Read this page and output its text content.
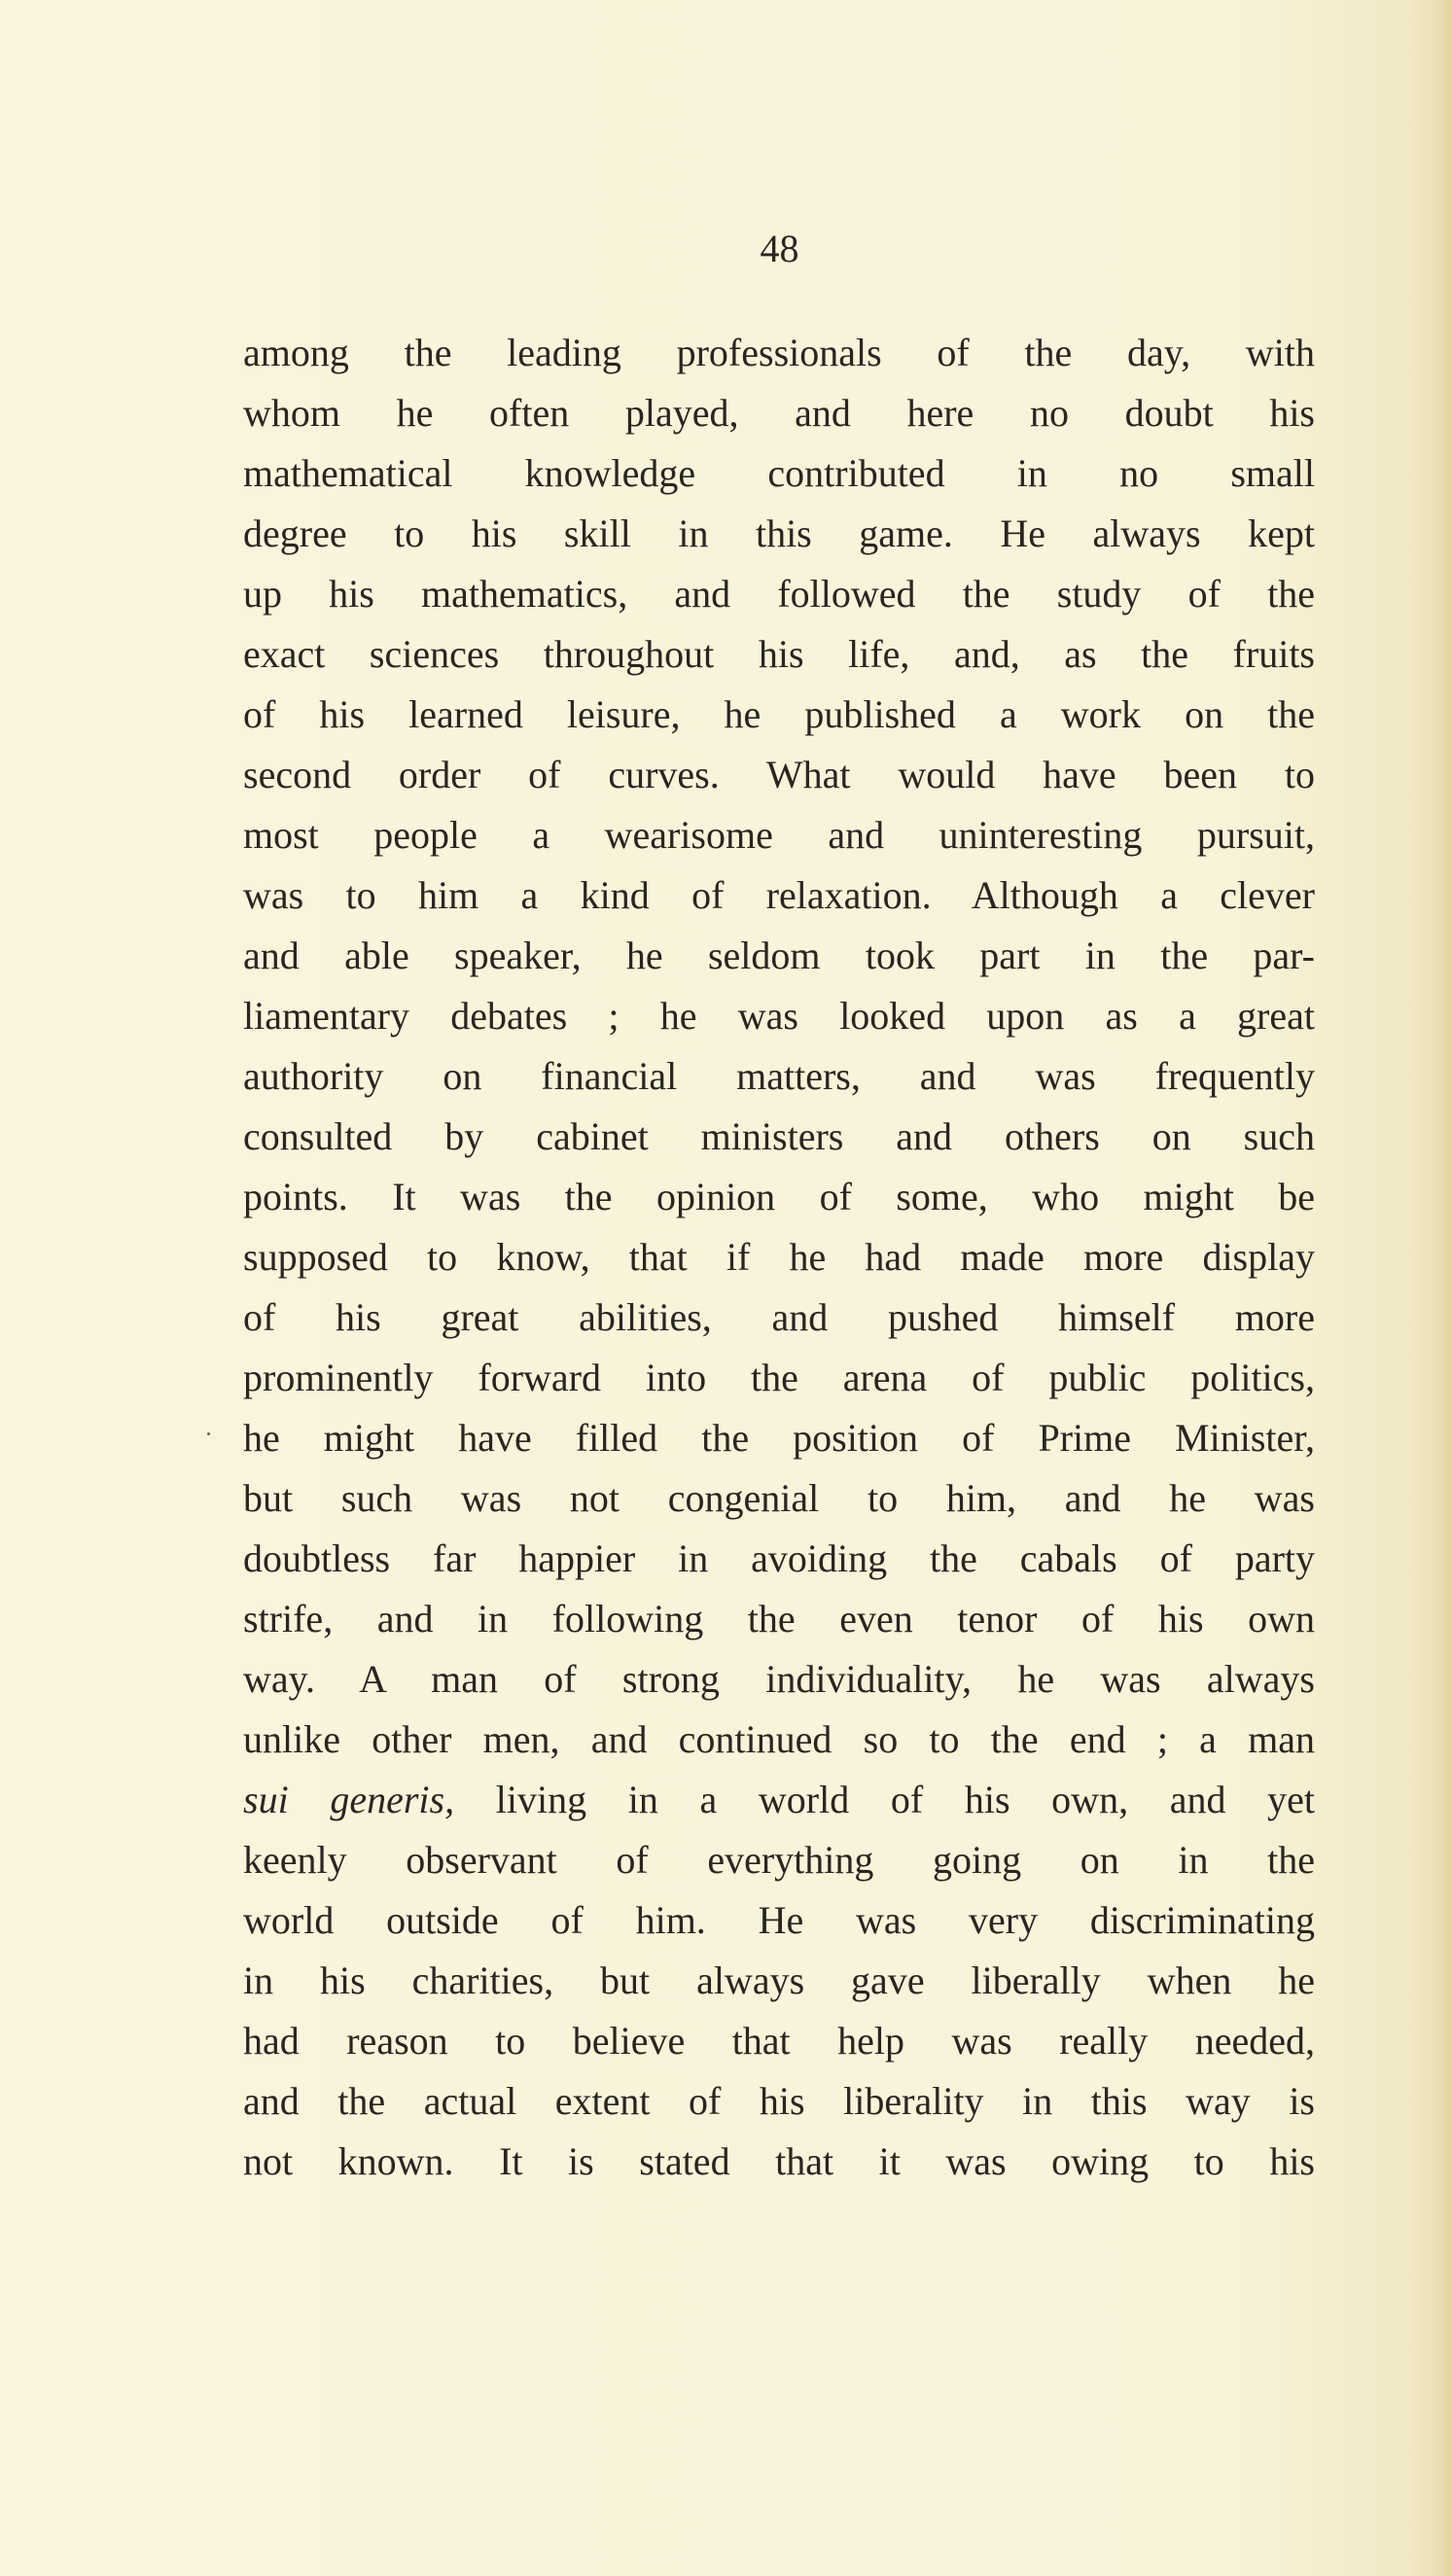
48
among the leading professionals of the day, with
whom he often played, and here no doubt his
mathematical knowledge contributed in no small
degree to his skill in this game. He always kept
up his mathematics, and followed the study of the
exact sciences throughout his life, and, as the fruits
of his learned leisure, he published a work on the
second order of curves. What would have been to
most people a wearisome and uninteresting pursuit,
was to him a kind of relaxation. Although a clever
and able speaker, he seldom took part in the par-
liamentary debates ; he was looked upon as a great
authority on financial matters, and was frequently
consulted by cabinet ministers and others on such
points. It was the opinion of some, who might be
supposed to know, that if he had made more display
of his great abilities, and pushed himself more
prominently forward into the arena of public politics,
he might have filled the position of Prime Minister,
but such was not congenial to him, and he was
doubtless far happier in avoiding the cabals of party
strife, and in following the even tenor of his own
way. A man of strong individuality, he was always
unlike other men, and continued so to the end ; a man
sui generis, living in a world of his own, and yet
keenly observant of everything going on in the
world outside of him. He was very discriminating
in his charities, but always gave liberally when he
had reason to believe that help was really needed,
and the actual extent of his liberality in this way is
not known. It is stated that it was owing to his
